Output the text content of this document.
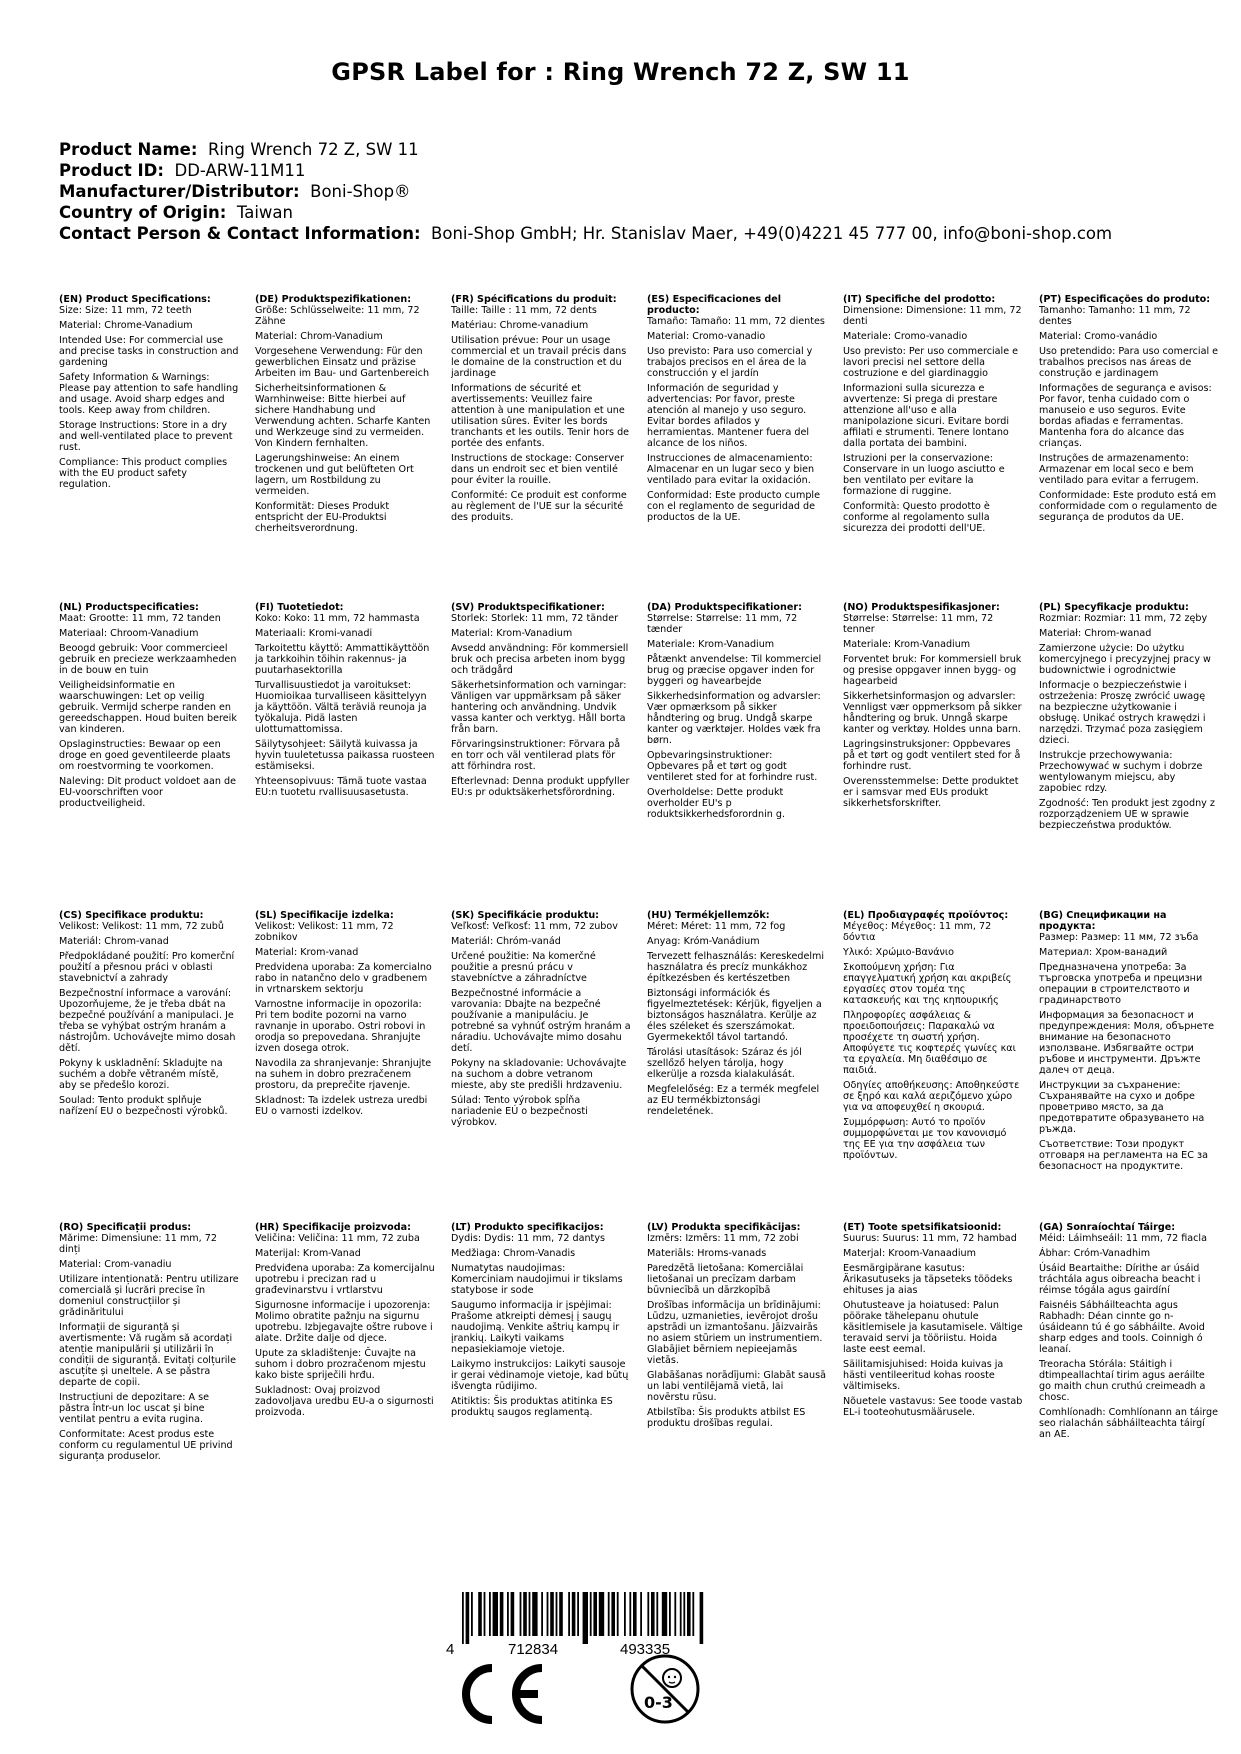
GPSR Label for : Ring Wrench 72 Z, SW 11
Product Name: Ring Wrench 72 Z, SW 11
Product ID: DD-ARW-11M11
Manufacturer/Distributor: Boni-Shop®
Country of Origin: Taiwan
Contact Person & Contact Information: Boni-Shop GmbH; Hr. Stanislav Maer, +49(0)4221 45 777 00, info@boni-shop.com
(EN) Product Specifications:

Size: Size: 11 mm, 72 teeth

Material: Chrome-Vanadium

Intended Use: For commercial use and precise tasks in construction and gardening

Safety Information & Warnings: Please pay attention to safe handling and usage. Avoid sharp edges and tools. Keep away from children.

Storage Instructions: Store in a dry and well-ventilated place to prevent rust.

Compliance: This product complies with the EU product safety regulation.

(DE) Produktspezifikationen:

Größe: Schlüsselweite: 11 mm, 72 Zähne

Material: Chrom-Vanadium

Vorgesehene Verwendung: Für den gewerblichen Einsatz und präzise Arbeiten im Bau- und Gartenbereich

Sicherheitsinformationen & Warnhinweise: Bitte hierbei auf sichere Handhabung und Verwendung achten. Scharfe Kanten und Werkzeuge sind zu vermeiden. Von Kindern fernhalten.

Lagerungshinweise: An einem trockenen und gut belüfteten Ort lagern, um Rostbildung zu vermeiden.

Konformität: Dieses Produkt entspricht der EU-Produktsi cherheitsverordnung.

(FR) Spécifications du produit:

Taille: Taille : 11 mm, 72 dents

Matériau: Chrome-vanadium

Utilisation prévue: Pour un usage commercial et un travail précis dans le domaine de la construction et du jardinage

Informations de sécurité et avertissements: Veuillez faire attention à une manipulation et une utilisation sûres. Éviter les bords tranchants et les outils. Tenir hors de portée des enfants.

Instructions de stockage: Conserver dans un endroit sec et bien ventilé pour éviter la rouille.

Conformité: Ce produit est conforme au règlement de l'UE sur la sécurité des produits.

(ES) Especificaciones del producto:

Tamaño: Tamaño: 11 mm, 72 dientes

Material: Cromo-vanadio

Uso previsto: Para uso comercial y trabajos precisos en el área de la construcción y el jardín

Información de seguridad y advertencias: Por favor, preste atención al manejo y uso seguro. Evitar bordes afilados y herramientas. Mantener fuera del alcance de los niños.

Instrucciones de almacenamiento: Almacenar en un lugar seco y bien ventilado para evitar la oxidación.

Conformidad: Este producto cumple con el reglamento de seguridad de productos de la UE.

(IT) Specifiche del prodotto:

Dimensione: Dimensione: 11 mm, 72 denti

Materiale: Cromo-vanadio

Uso previsto: Per uso commerciale e lavori precisi nel settore della costruzione e del giardinaggio

Informazioni sulla sicurezza e avvertenze: Si prega di prestare attenzione all'uso e alla manipolazione sicuri. Evitare bordi affilati e strumenti. Tenere lontano dalla portata dei bambini.

Istruzioni per la conservazione: Conservare in un luogo asciutto e ben ventilato per evitare la formazione di ruggine.

Conformità: Questo prodotto è conforme al regolamento sulla sicurezza dei prodotti dell'UE.

(PT) Especificações do produto:

Tamanho: Tamanho: 11 mm, 72 dentes

Material: Cromo-vanádio

Uso pretendido: Para uso comercial e trabalhos precisos nas áreas de construção e jardinagem

Informações de segurança e avisos: Por favor, tenha cuidado com o manuseio e uso seguros. Evite bordas afiadas e ferramentas. Mantenha fora do alcance das crianças.

Instruções de armazenamento: Armazenar em local seco e bem ventilado para evitar a ferrugem.

Conformidade: Este produto está em conformidade com o regulamento de segurança de produtos da UE.

(NL) Productspecificaties:

Maat: Grootte: 11 mm, 72 tanden

Materiaal: Chroom-Vanadium

Beoogd gebruik: Voor commercieel gebruik en precieze werkzaamheden in de bouw en tuin

Veiligheidsinformatie en waarschuwingen: Let op veilig gebruik. Vermijd scherpe randen en gereedschappen. Houd buiten bereik van kinderen.

Opslaginstructies: Bewaar op een droge en goed geventileerde plaats om roestvorming te voorkomen.

Naleving: Dit product voldoet aan de EU-voorschriften voor productveiligheid.

(FI) Tuotetiedot:

Koko: Koko: 11 mm, 72 hammasta

Materiaali: Kromi-vanadi

Tarkoitettu käyttö: Ammattikäyttöön ja tarkkoihin töihin rakennus- ja puutarhasektorilla

Turvallisuustiedot ja varoitukset: Huomioikaa turvalliseen käsittelyyn ja käyttöön. Vältä teräviä reunoja ja työkaluja. Pidä lasten ulottumattomissa.

Säilytysohjeet: Säilytä kuivassa ja hyvin tuuletetussa paikassa ruosteen estämiseksi.

Yhteensopivuus: Tämä tuote vastaa EU:n tuotetu rvallisuusasetusta.

(SV) Produktspecifikationer:

Storlek: Storlek: 11 mm, 72 tänder

Material: Krom-Vanadium

Avsedd användning: För kommersiell bruk och precisa arbeten inom bygg och trädgård

Säkerhetsinformation och varningar: Vänligen var uppmärksam på säker hantering och användning. Undvik vassa kanter och verktyg. Håll borta från barn.

Förvaringsinstruktioner: Förvara på en torr och väl ventilerad plats för att förhindra rost.

Efterlevnad: Denna produkt uppfyller EU:s pr oduktsäkerhetsförordning.

(DA) Produktspecifikationer:

Størrelse: Størrelse: 11 mm, 72 tænder

Materiale: Krom-Vanadium

Påtænkt anvendelse: Til kommerciel brug og præcise opgaver inden for byggeri og havearbejde

Sikkerhedsinformation og advarsler: Vær opmærksom på sikker håndtering og brug. Undgå skarpe kanter og værktøjer. Holdes væk fra børn.

Opbevaringsinstruktioner: Opbevares på et tørt og godt ventileret sted for at forhindre rust.

Overholdelse: Dette produkt overholder EU's p roduktsikkerhedsforordnin g.

(NO) Produktspesifikasjoner:

Størrelse: Størrelse: 11 mm, 72 tenner

Materiale: Krom-Vanadium

Forventet bruk: For kommersiell bruk og presise oppgaver innen bygg- og hagearbeid

Sikkerhetsinformasjon og advarsler: Vennligst vær oppmerksom på sikker håndtering og bruk. Unngå skarpe kanter og verktøy. Holdes unna barn.

Lagringsinstruksjoner: Oppbevares på et tørt og godt ventilert sted for å forhindre rust.

Overensstemmelse: Dette produktet er i samsvar med EUs produkt sikkerhetsforskrifter.

(PL) Specyfikacje produktu:

Rozmiar: Rozmiar: 11 mm, 72 zęby

Materiał: Chrom-wanad

Zamierzone użycie: Do użytku komercyjnego i precyzyjnej pracy w budownictwie i ogrodnictwie

Informacje o bezpieczeństwie i ostrzeżenia: Proszę zwrócić uwagę na bezpieczne użytkowanie i obsługę. Unikać ostrych krawędzi i narzędzi. Trzymać poza zasięgiem dzieci.

Instrukcje przechowywania: Przechowywać w suchym i dobrze wentylowanym miejscu, aby zapobiec rdzy.

Zgodność: Ten produkt jest zgodny z rozporządzeniem UE w sprawie bezpieczeństwa produktów.

(CS) Specifikace produktu:

Velikost: Velikost: 11 mm, 72 zubů

Materiál: Chrom-vanad

Předpokládané použití: Pro komerční použití a přesnou práci v oblasti stavebnictví a zahrady

Bezpečnostní informace a varování: Upozorňujeme, že je třeba dbát na bezpečné používání a manipulaci. Je třeba se vyhýbat ostrým hranám a nástrojům. Uchovávejte mimo dosah dětí.

Pokyny k uskladnění: Skladujte na suchém a dobře větraném místě, aby se předešlo korozi.

Soulad: Tento produkt splňuje nařízení EU o bezpečnosti výrobků.

(SL) Specifikacije izdelka:

Velikost: Velikost: 11 mm, 72 zobnikov

Material: Krom-vanad

Predvidena uporaba: Za komercialno rabo in natančno delo v gradbenem in vrtnarskem sektorju

Varnostne informacije in opozorila: Pri tem bodite pozorni na varno ravnanje in uporabo. Ostri robovi in orodja so prepovedana. Shranjujte izven dosega otrok.

Navodila za shranjevanje: Shranjujte na suhem in dobro prezračenem prostoru, da preprečite rjavenje.

Skladnost: Ta izdelek ustreza uredbi EU o varnosti izdelkov.

(SK) Špecifikácie produktu:

Veľkosť: Veľkosť: 11 mm, 72 zubov

Materiál: Chróm-vanád

Určené použitie: Na komerčné použitie a presnú prácu v stavebníctve a záhradníctve

Bezpečnostné informácie a varovania: Dbajte na bezpečné používanie a manipuláciu. Je potrebné sa vyhnúť ostrým hranám a náradiu. Uchovávajte mimo dosahu detí.

Pokyny na skladovanie: Uchovávajte na suchom a dobre vetranom mieste, aby ste predišli hrdzaveniu.

Súlad: Tento výrobok spĺňa nariadenie EÚ o bezpečnosti výrobkov.

(HU) Termékjellemzők:

Méret: Méret: 11 mm, 72 fog

Anyag: Króm-Vanádium

Tervezett felhasználás: Kereskedelmi használatra és precíz munkákhoz építkezésben és kertészetben

Biztonsági információk és figyelmeztetések: Kérjük, figyeljen a biztonságos használatra. Kerülje az éles széleket és szerszámokat. Gyermekektől távol tartandó.

Tárolási utasítások: Száraz és jól szellőző helyen tárolja, hogy elkerülje a rozsda kialakulását.

Megfelelőség: Ez a termék megfelel az EU termékbiztonsági rendeletének.

(EL) Προδιαγραφές προϊόντος:

Μέγεθος: Μέγεθος: 11 mm, 72 δόντια

Υλικό: Χρώμιο-Βανάνιο

Σκοπούμενη χρήση: Για επαγγελματική χρήση και ακριβείς εργασίες στον τομέα της κατασκευής και της κηπουρικής

Πληροφορίες ασφάλειας & προειδοποιήσεις: Παρακαλώ να προσέχετε τη σωστή χρήση. Αποφύγετε τις κοφτερές γωνίες και τα εργαλεία. Μη διαθέσιμο σε παιδιά.

Οδηγίες αποθήκευσης: Αποθηκεύστε σε ξηρό και καλά αεριζόμενο χώρο για να αποφευχθεί η σκουριά.

Συμμόρφωση: Αυτό το προϊόν συμμορφώνεται με τον κανονισμό της ΕΕ για την ασφάλεια των προϊόντων.

(BG) Спецификации на продукта:

Размер: Размер: 11 мм, 72 зъба

Материал: Хром-ванадий

Предназначена употреба: За търговска употреба и прецизни операции в строителството и градинарството

Информация за безопасност и предупреждения: Моля, обърнете внимание на безопасното използване. Избягвайте остри ръбове и инструменти. Дръжте далеч от деца.

Инструкции за съхранение: Съхранявайте на сухо и добре проветриво място, за да предотвратите образуването на ръжда.

Съответствие: Този продукт отговаря на регламента на ЕС за безопасност на продуктите.

(RO) Specificații produs:

Mărime: Dimensiune: 11 mm, 72 dinți

Material: Crom-vanadiu

Utilizare intenționată: Pentru utilizare comercială și lucrări precise în domeniul construcțiilor și grădinăritului

Informații de siguranță și avertismente: Vă rugăm să acordați atenție manipulării și utilizării în condiții de siguranță. Evitați colțurile ascuțite și uneltele. A se păstra departe de copii.

Instrucțiuni de depozitare: A se păstra într-un loc uscat și bine ventilat pentru a evita rugina.

Conformitate: Acest produs este conform cu regulamentul UE privind siguranța produselor.

(HR) Specifikacije proizvoda:

Veličina: Veličina: 11 mm, 72 zuba

Materijal: Krom-Vanad

Predviđena uporaba: Za komercijalnu upotrebu i precizan rad u građevinarstvu i vrtlarstvu

Sigurnosne informacije i upozorenja: Molimo obratite pažnju na sigurnu upotrebu. Izbjegavajte oštre rubove i alate. Držite dalje od djece.

Upute za skladištenje: Čuvajte na suhom i dobro prozračenom mjestu kako biste spriječili hrđu.

Sukladnost: Ovaj proizvod zadovoljava uredbu EU-a o sigurnosti proizvoda.

(LT) Produkto specifikacijos:

Dydis: Dydis: 11 mm, 72 dantys

Medžiaga: Chrom-Vanadis

Numatytas naudojimas: Komerciniam naudojimui ir tikslams statybose ir sode

Saugumo informacija ir įspėjimai: Prašome atkreipti dėmesį į saugų naudojimą. Venkite aštrių kampų ir įrankių. Laikyti vaikams nepasiekiamoje vietoje.

Laikymo instrukcijos: Laikyti sausoje ir gerai vėdinamoje vietoje, kad būtų išvengta rūdijimo.

Atitiktis: Šis produktas atitinka ES produktų saugos reglamentą.

(LV) Produkta specifikācijas:

Izmērs: Izmērs: 11 mm, 72 zobi

Materiāls: Hroms-vanads

Paredzētā lietošana: Komerciālai lietošanai un precīzam darbam būvniecībā un dārzkopībā

Drošības informācija un brīdinājumi: Lūdzu, uzmanieties, ievērojot drošu apstrādi un izmantošanu. Jāizvairās no asiem stūriem un instrumentiem. Glabājiet bērniem nepieejamās vietās.

Glabāšanas norādījumi: Glabāt sausā un labi ventilējamā vietā, lai novērstu rūsu.

Atbilstība: Šis produkts atbilst ES produktu drošības regulai.

(ET) Toote spetsifikatsioonid:

Suurus: Suurus: 11 mm, 72 hambad

Materjal: Kroom-Vanaadium

Eesmärgipärane kasutus: Ärikasutuseks ja täpseteks töödeks ehituses ja aias

Ohutusteave ja hoiatused: Palun pöörake tähelepanu ohutule käsitlemisele ja kasutamisele. Vältige teravaid servi ja tööriistu. Hoida laste eest eemal.

Säilitamisjuhised: Hoida kuivas ja hästi ventileeritud kohas rooste vältimiseks.

Nõuetele vastavus: See toode vastab EL-i tooteohutusmäärusele.

(GA) Sonraíochtaí Táirge:

Méid: Láimhseáil: 11 mm, 72 fiacla

Ábhar: Cróm-Vanadhim

Úsáid Beartaithe: Dírithe ar úsáid tráchtála agus oibreacha beacht i réimse tógála agus gairdíní

Faisnéis Sábháilteachta agus Rabhadh: Déan cinnte go n-úsáideann tú é go sábháilte. Avoid sharp edges and tools. Coinnigh ó leanaí.

Treoracha Stórála: Stáitigh i dtimpeallachtaí tirim agus aeráilte go maith chun cruthú creimeadh a chosc.

Comhlíonadh: Comhlíonann an táirge seo rialachán sábháilteachta táirgí an AE.

4	712834	493335
0-3
